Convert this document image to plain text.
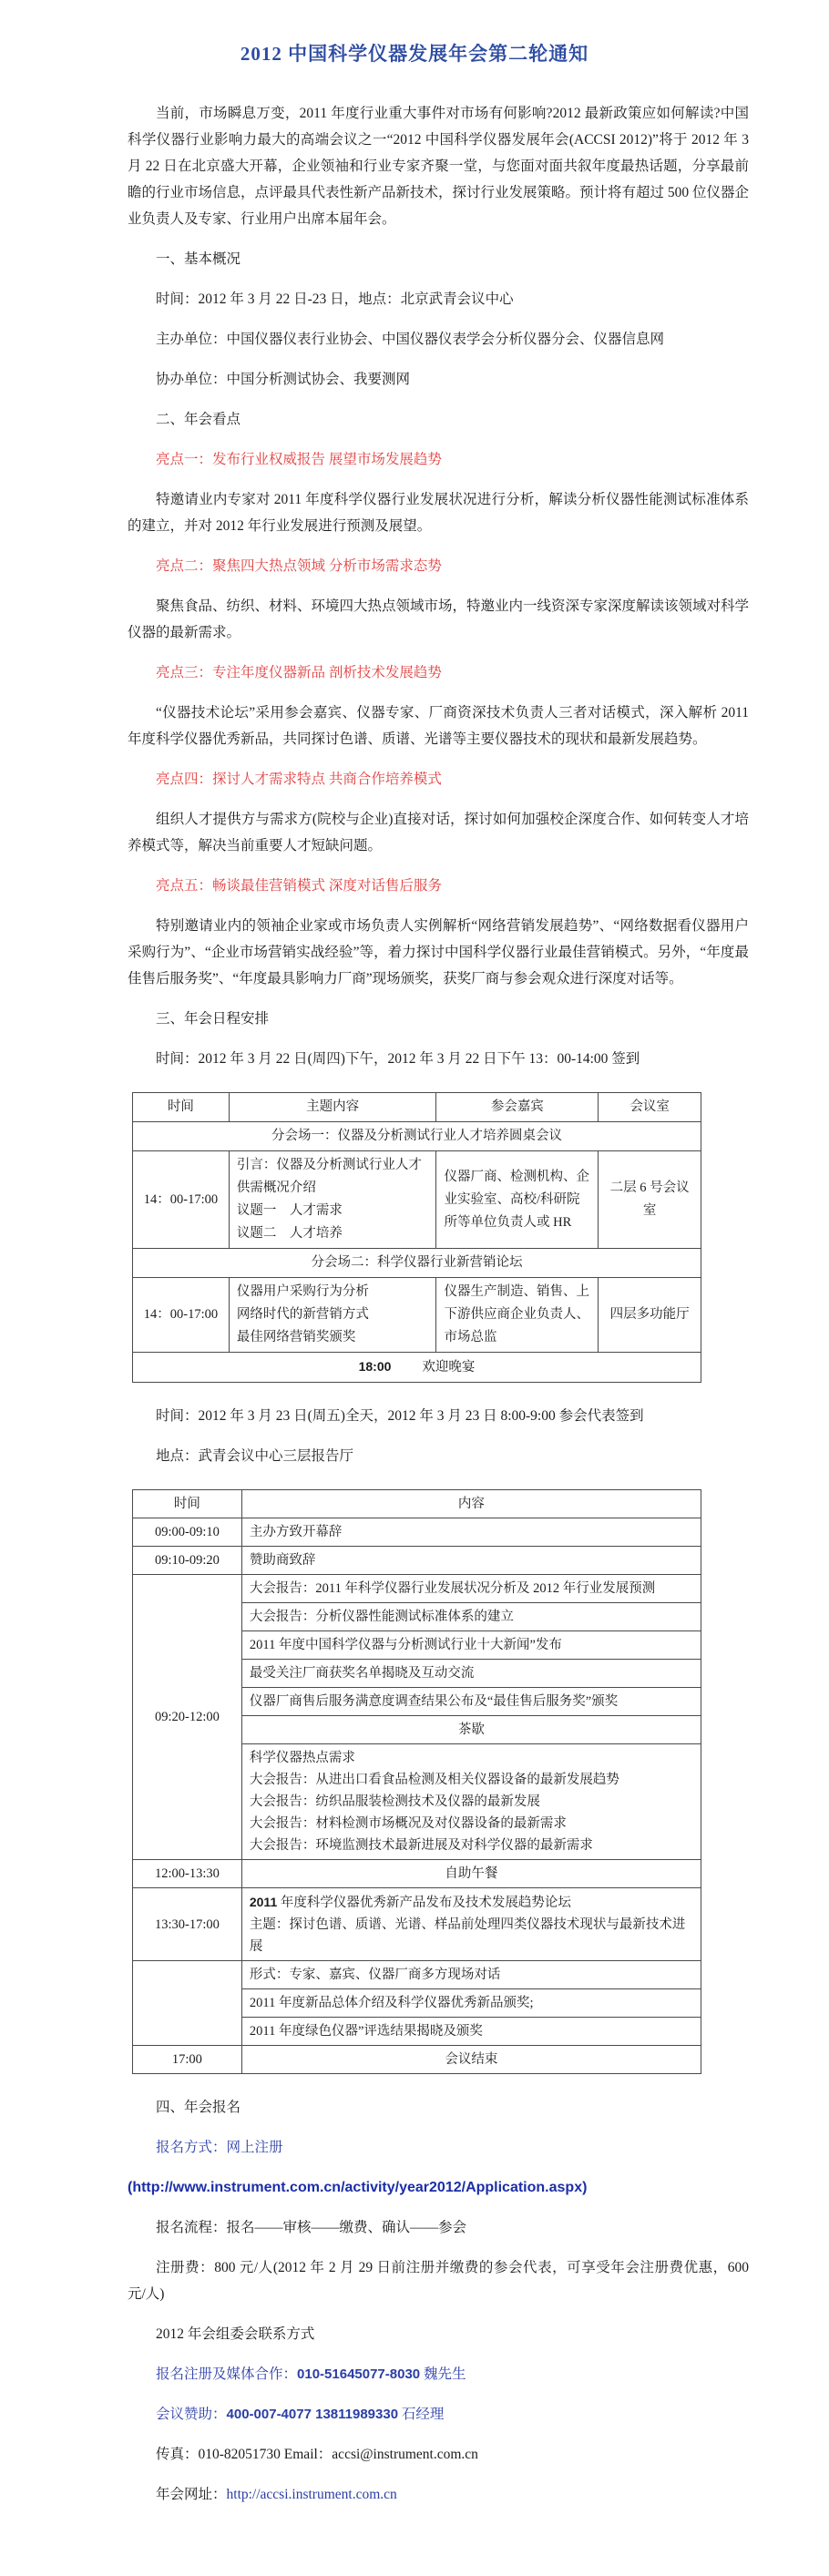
2012 中国科学仪器发展年会第二轮通知

当前，市场瞬息万变，2011 年度行业重大事件对市场有何影响?2012 最新政策应如何解读?中国科学仪器行业影响力最大的高端会议之一“2012 中国科学仪器发展年会(ACCSI 2012)”将于 2012 年 3 月 22 日在北京盛大开幕，企业领袖和行业专家齐聚一堂，与您面对面共叙年度最热话题，分享最前瞻的行业市场信息，点评最具代表性新产品新技术，探讨行业发展策略。预计将有超过 500 位仪器企业负责人及专家、行业用户出席本届年会。

一、基本概况

时间：2012 年 3 月 22 日-23 日，地点：北京武青会议中心

主办单位：中国仪器仪表行业协会、中国仪器仪表学会分析仪器分会、仪器信息网

协办单位：中国分析测试协会、我要测网

二、年会看点

亮点一：发布行业权威报告 展望市场发展趋势

特邀请业内专家对 2011 年度科学仪器行业发展状况进行分析，解读分析仪器性能测试标准体系的建立，并对 2012 年行业发展进行预测及展望。

亮点二：聚焦四大热点领域 分析市场需求态势

聚焦食品、纺织、材料、环境四大热点领域市场，特邀业内一线资深专家深度解读该领域对科学仪器的最新需求。

亮点三：专注年度仪器新品 剖析技术发展趋势

“仪器技术论坛”采用参会嘉宾、仪器专家、厂商资深技术负责人三者对话模式，深入解析 2011 年度科学仪器优秀新品，共同探讨色谱、质谱、光谱等主要仪器技术的现状和最新发展趋势。

亮点四：探讨人才需求特点 共商合作培养模式

组织人才提供方与需求方(院校与企业)直接对话，探讨如何加强校企深度合作、如何转变人才培养模式等，解决当前重要人才短缺问题。

亮点五：畅谈最佳营销模式 深度对话售后服务

特别邀请业内的领袖企业家或市场负责人实例解析“网络营销发展趋势”、“网络数据看仪器用户采购行为”、“企业市场营销实战经验”等，着力探讨中国科学仪器行业最佳营销模式。另外，“年度最佳售后服务奖”、“年度最具影响力厂商”现场颁奖，获奖厂商与参会观众进行深度对话等。

三、年会日程安排

时间：2012 年 3 月 22 日(周四)下午，2012 年 3 月 22 日下午 13：00-14:00 签到

时间	主题内容	参会嘉宾	会议室
分会场一：仪器及分析测试行业人才培养圆桌会议			
14：00-17:00	引言：仪器及分析测试行业人才供需概况介绍
议题一　人才需求
议题二　人才培养	仪器厂商、检测机构、企业实验室、高校/科研院所等单位负责人或 HR	二层 6 号会议室
分会场二：科学仪器行业新营销论坛			
14：00-17:00	仪器用户采购行为分析
网络时代的新营销方式
最佳网络营销奖颁奖	仪器生产制造、销售、上下游供应商企业负责人、市场总监	四层多功能厅
18:00 欢迎晚宴			

时间：2012 年 3 月 23 日(周五)全天，2012 年 3 月 23 日 8:00-9:00 参会代表签到

地点：武青会议中心三层报告厅

时间	内容
09:00-09:10	主办方致开幕辞
09:10-09:20	赞助商致辞
09:20-12:00	大会报告：2011 年科学仪器行业发展状况分析及 2012 年行业发展预测
	大会报告：分析仪器性能测试标准体系的建立
	2011 年度中国科学仪器与分析测试行业十大新闻”发布
	最受关注厂商获奖名单揭晓及互动交流
	仪器厂商售后服务满意度调查结果公布及“最佳售后服务奖”颁奖
	茶歇

	科学仪器热点需求
大会报告：从进出口看食品检测及相关仪器设备的最新发展趋势
大会报告：纺织品服装检测技术及仪器的最新发展
大会报告：材料检测市场概况及对仪器设备的最新需求
大会报告：环境监测技术最新进展及对科学仪器的最新需求

12:00-13:30	自助午餐
13:30-17:00	2011 年度科学仪器优秀新产品发布及技术发展趋势论坛
主题：探讨色谱、质谱、光谱、样品前处理四类仪器技术现状与最新技术进展

	形式：专家、嘉宾、仪器厂商多方现场对话
	2011 年度新品总体介绍及科学仪器优秀新品颁奖;
	2011 年度绿色仪器”评选结果揭晓及颁奖
17:00	会议结束

四、年会报名

报名方式：网上注册

(http://www.instrument.com.cn/activity/year2012/Application.aspx)

报名流程：报名——审核——缴费、确认——参会

注册费：800 元/人(2012 年 2 月 29 日前注册并缴费的参会代表，可享受年会注册费优惠，600 元/人)

2012 年会组委会联系方式

报名注册及媒体合作：010-51645077-8030 魏先生

会议赞助：400-007-4077 13811989330 石经理

传真：010-82051730 Email：accsi@instrument.com.cn

年会网址：http://accsi.instrument.com.cn
